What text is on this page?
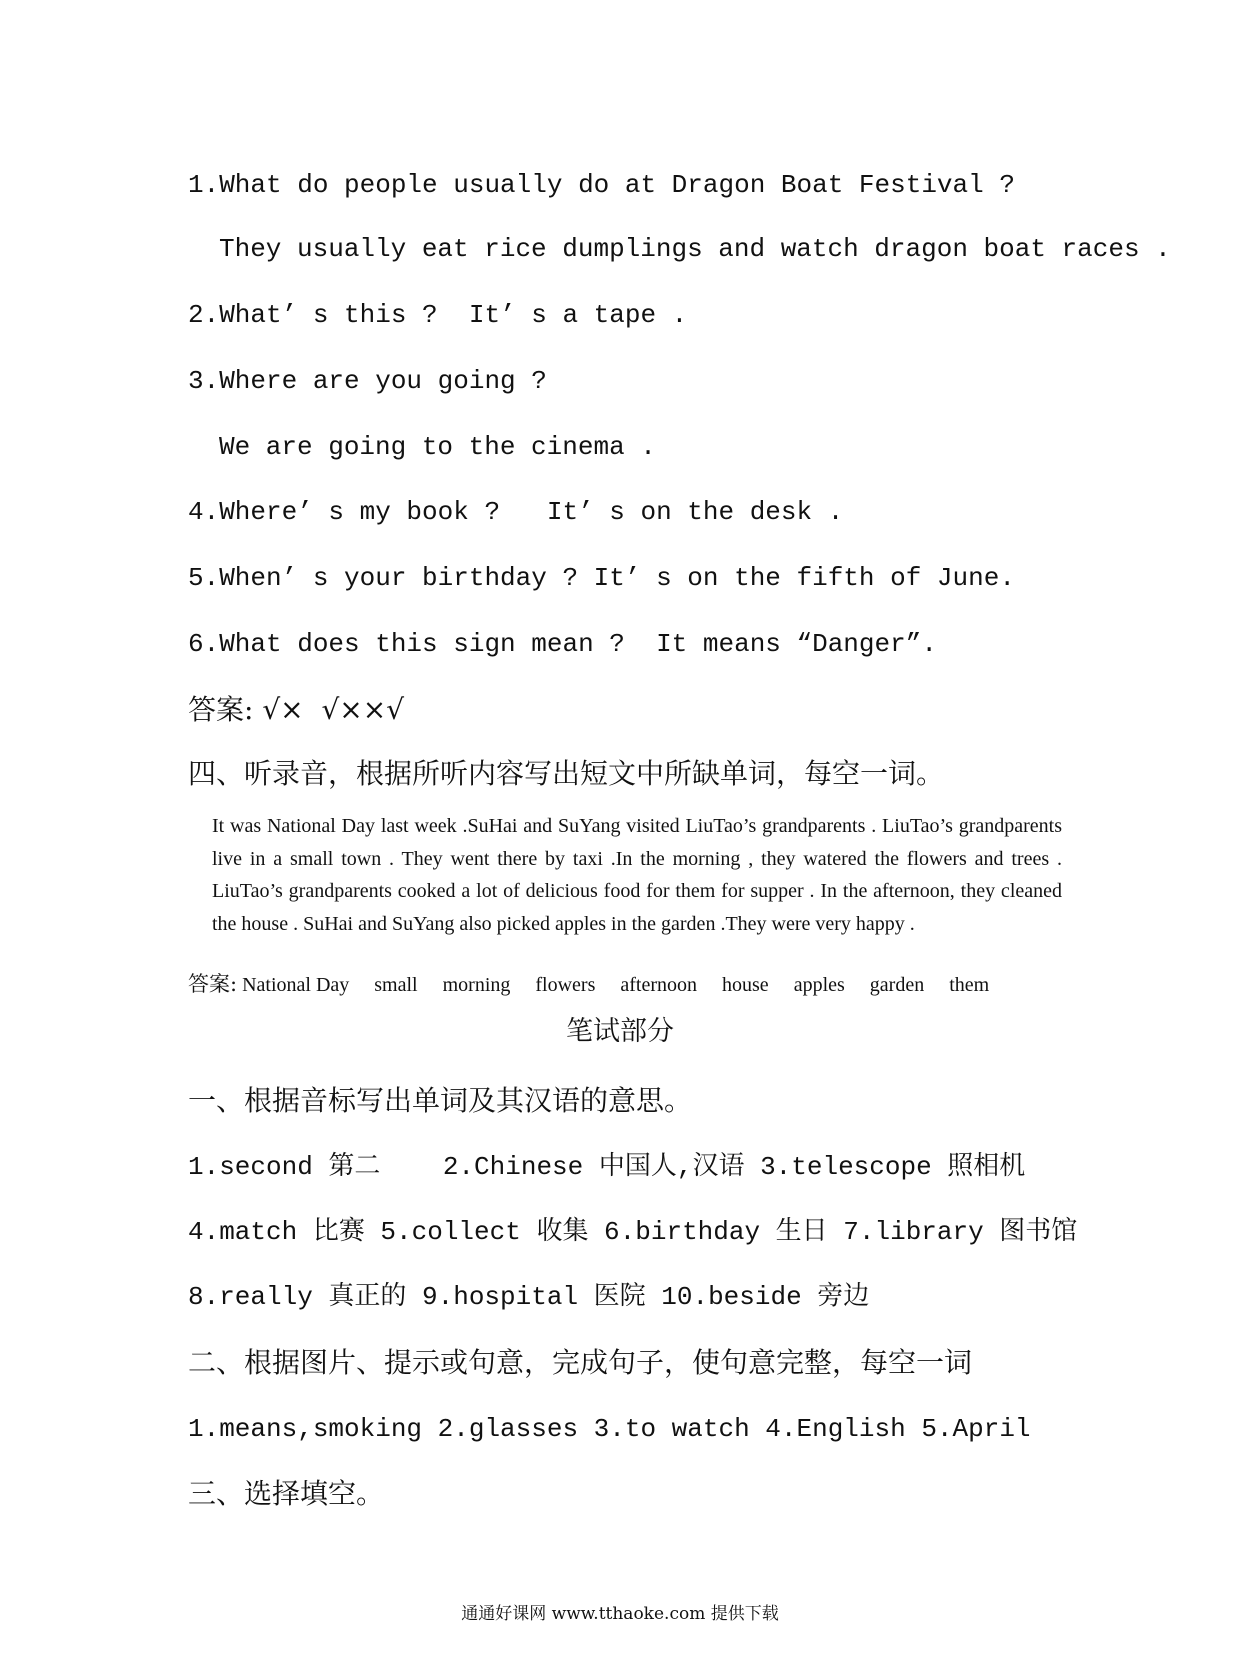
1.What do people usually do at Dragon Boat Festival ?
They usually eat rice dumplings and watch dragon boat races .
2.What’ s this ?  It’ s a tape .
3.Where are you going ?
We are going to the cinema .
4.Where’ s my book ?   It’ s on the desk .
5.When’ s your birthday ? It’ s on the fifth of June.
6.What does this sign mean ?  It means “Danger”.
答案: √×  √××√
四、听录音，根据所听内容写出短文中所缺单词，每空一词。
It was National Day last week .SuHai and SuYang visited LiuTao’s grandparents . LiuTao’s grandparents live in a small town . They went there by taxi .In the morning , they watered the flowers and trees . LiuTao’s grandparents cooked a lot of delicious food for them for supper . In the afternoon, they cleaned the house . SuHai and SuYang also picked apples in the garden .They were very happy .
答案: National Day small morning flowers afternoon house apples garden them
笔试部分
一、根据音标写出单词及其汉语的意思。
1.second 第二    2.Chinese 中国人,汉语 3.telescope 照相机
4.match 比赛 5.collect 收集 6.birthday 生日 7.library 图书馆
8.really 真正的 9.hospital 医院 10.beside 旁边
二、根据图片、提示或句意，完成句子，使句意完整，每空一词
1.means,smoking 2.glasses 3.to watch 4.English 5.April
三、选择填空。
通通好课网 www.tthaoke.com 提供下载
